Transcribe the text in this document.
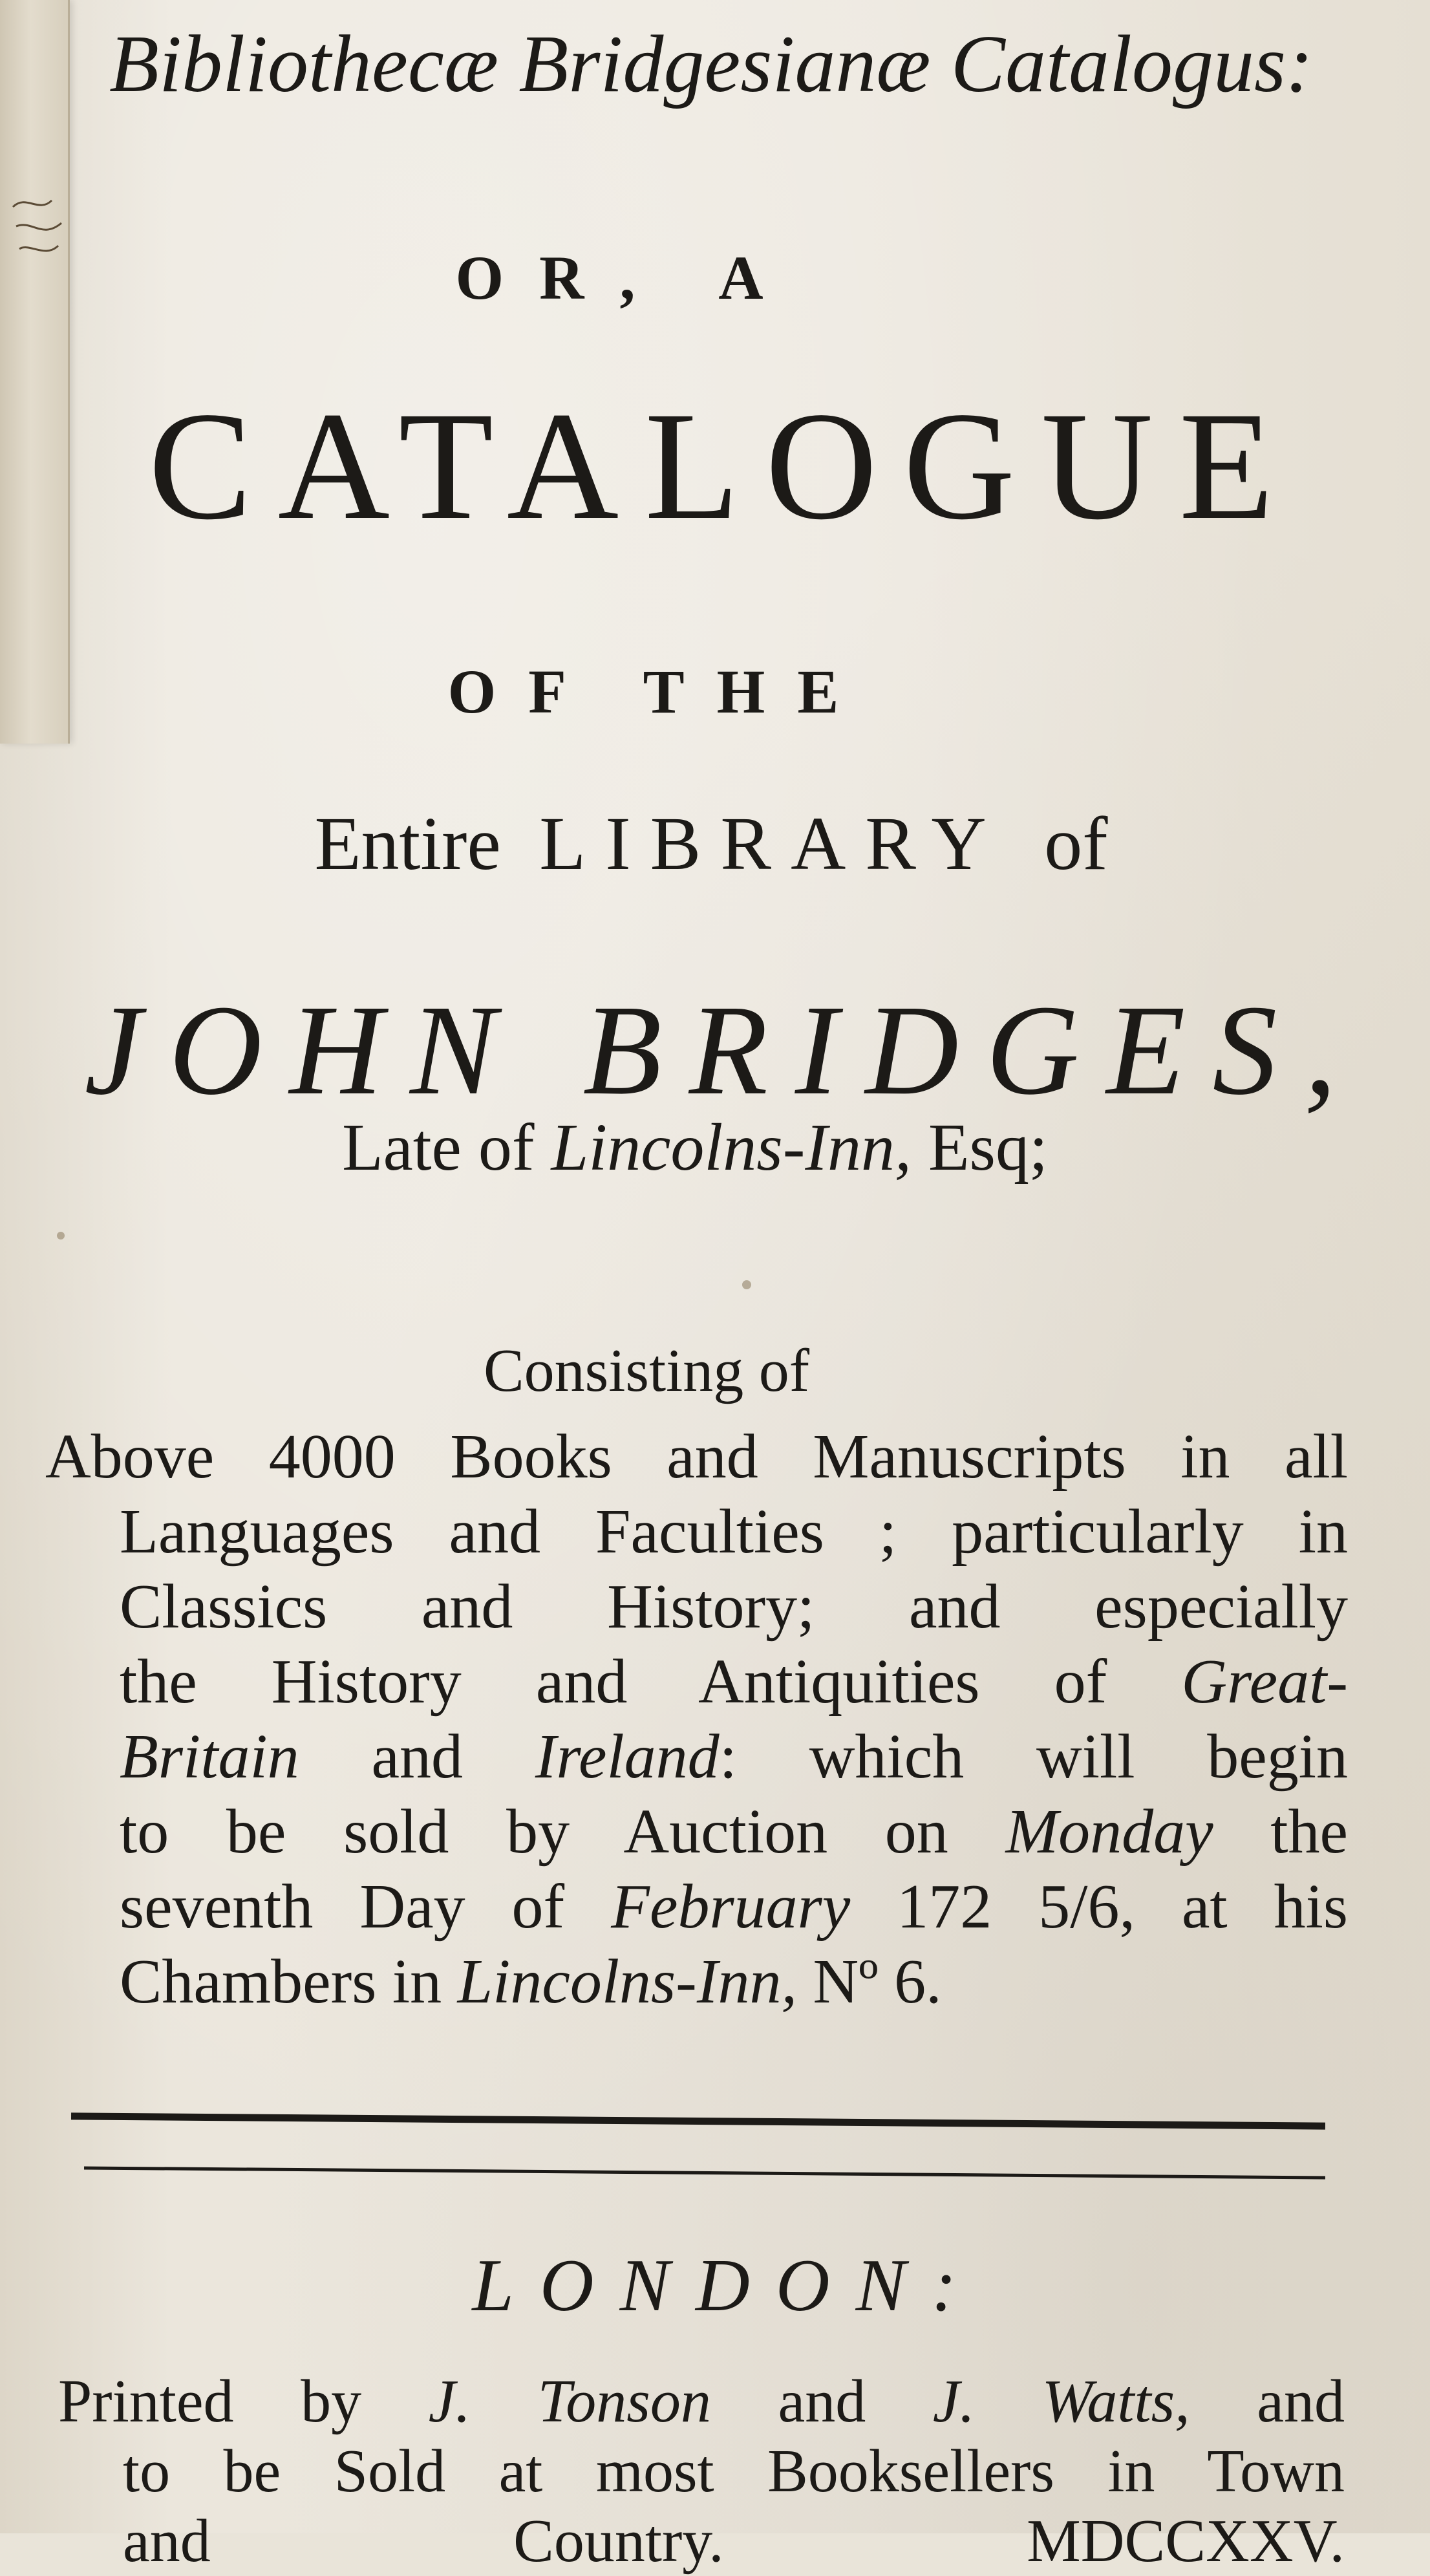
Bibliothecæ Bridgesianæ Catalogus:
OR, A
CATALOGUE
OF THE
Entire LIBRARY of
JOHN BRIDGES,
Late of Lincolns-Inn, Esq;
Consisting of
Above 4000 Books and Manuscripts in all
Languages and Faculties ; particularly in
Classics and History; and especially
the History and Antiquities of Great-
Britain and Ireland: which will begin
to be sold by Auction on Monday the
seventh Day of February 172 5/6, at his
Chambers in Lincolns-Inn, Nº 6.
LONDON:
Printed by J. Tonson and J. Watts, and
to be Sold at most Booksellers in Town
and Country. MDCCXXV.
